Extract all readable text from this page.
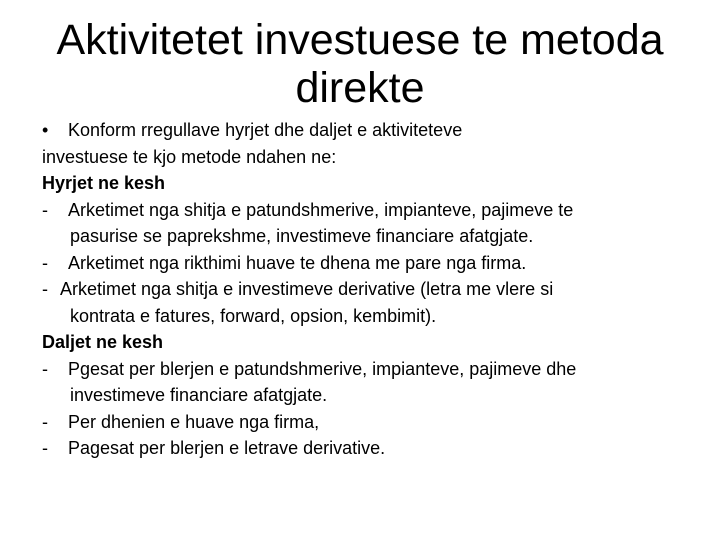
Aktivitetet investuese te metoda
direkte
• Konform rregullave hyrjet dhe daljet e aktiviteteve
investuese te kjo metode ndahen ne:
Hyrjet ne kesh
- Arketimet nga shitja e patundshmerive, impianteve, pajimeve te
pasurise se paprekshme, investimeve financiare afatgjate.
- Arketimet nga rikthimi huave te dhena me pare nga firma.
- Arketimet nga shitja e investimeve derivative (letra me vlere si
kontrata e fatures, forward, opsion, kembimit).
Daljet ne kesh
- Pgesat per blerjen e patundshmerive, impianteve, pajimeve dhe
investimeve financiare afatgjate.
- Per dhenien e huave nga firma,
- Pagesat per blerjen e letrave derivative.
